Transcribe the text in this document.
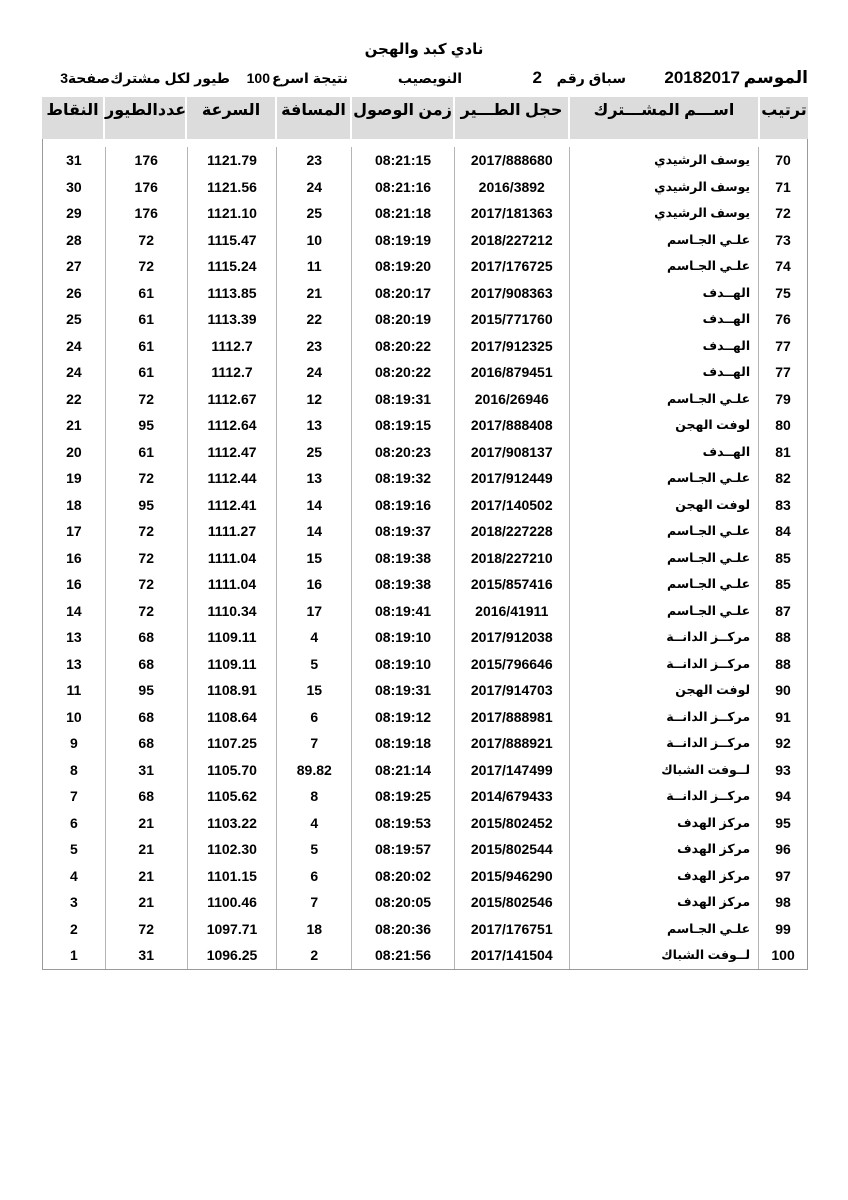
نادي كبد والهجن
الموسم
20182017
سباق رقم
2
النويصيب
نتيجة اسرع
100
طيور لكل مشترك
صفحة
3
ترتيب
اســـم المشـــترك
حجل الطـــير
زمن الوصول
المسافة
السرعة
عددالطيور
النقاط
70
يوسف الرشيدي
2017/888680
08:21:15
23
1121.79
176
31
71
يوسف الرشيدي
2016/3892
08:21:16
24
1121.56
176
30
72
يوسف الرشيدي
2017/181363
08:21:18
25
1121.10
176
29
73
علـي الجـاسم
2018/227212
08:19:19
10
1115.47
72
28
74
علـي الجـاسم
2017/176725
08:19:20
11
1115.24
72
27
75
الهــدف
2017/908363
08:20:17
21
1113.85
61
26
76
الهــدف
2015/771760
08:20:19
22
1113.39
61
25
77
الهــدف
2017/912325
08:20:22
23
1112.7
61
24
77
الهــدف
2016/879451
08:20:22
24
1112.7
61
24
79
علـي الجـاسم
2016/26946
08:19:31
12
1112.67
72
22
80
لوفت الهجن
2017/888408
08:19:15
13
1112.64
95
21
81
الهــدف
2017/908137
08:20:23
25
1112.47
61
20
82
علـي الجـاسم
2017/912449
08:19:32
13
1112.44
72
19
83
لوفت الهجن
2017/140502
08:19:16
14
1112.41
95
18
84
علـي الجـاسم
2018/227228
08:19:37
14
1111.27
72
17
85
علـي الجـاسم
2018/227210
08:19:38
15
1111.04
72
16
85
علـي الجـاسم
2015/857416
08:19:38
16
1111.04
72
16
87
علـي الجـاسم
2016/41911
08:19:41
17
1110.34
72
14
88
مركــز الدانــة
2017/912038
08:19:10
4
1109.11
68
13
88
مركــز الدانــة
2015/796646
08:19:10
5
1109.11
68
13
90
لوفت الهجن
2017/914703
08:19:31
15
1108.91
95
11
91
مركــز الدانــة
2017/888981
08:19:12
6
1108.64
68
10
92
مركــز الدانــة
2017/888921
08:19:18
7
1107.25
68
9
93
لــوفت الشباك
2017/147499
08:21:14
89.82
1105.70
31
8
94
مركــز الدانــة
2014/679433
08:19:25
8
1105.62
68
7
95
مركز الهدف
2015/802452
08:19:53
4
1103.22
21
6
96
مركز الهدف
2015/802544
08:19:57
5
1102.30
21
5
97
مركز الهدف
2015/946290
08:20:02
6
1101.15
21
4
98
مركز الهدف
2015/802546
08:20:05
7
1100.46
21
3
99
علـي الجـاسم
2017/176751
08:20:36
18
1097.71
72
2
100
لــوفت الشباك
2017/141504
08:21:56
2
1096.25
31
1
